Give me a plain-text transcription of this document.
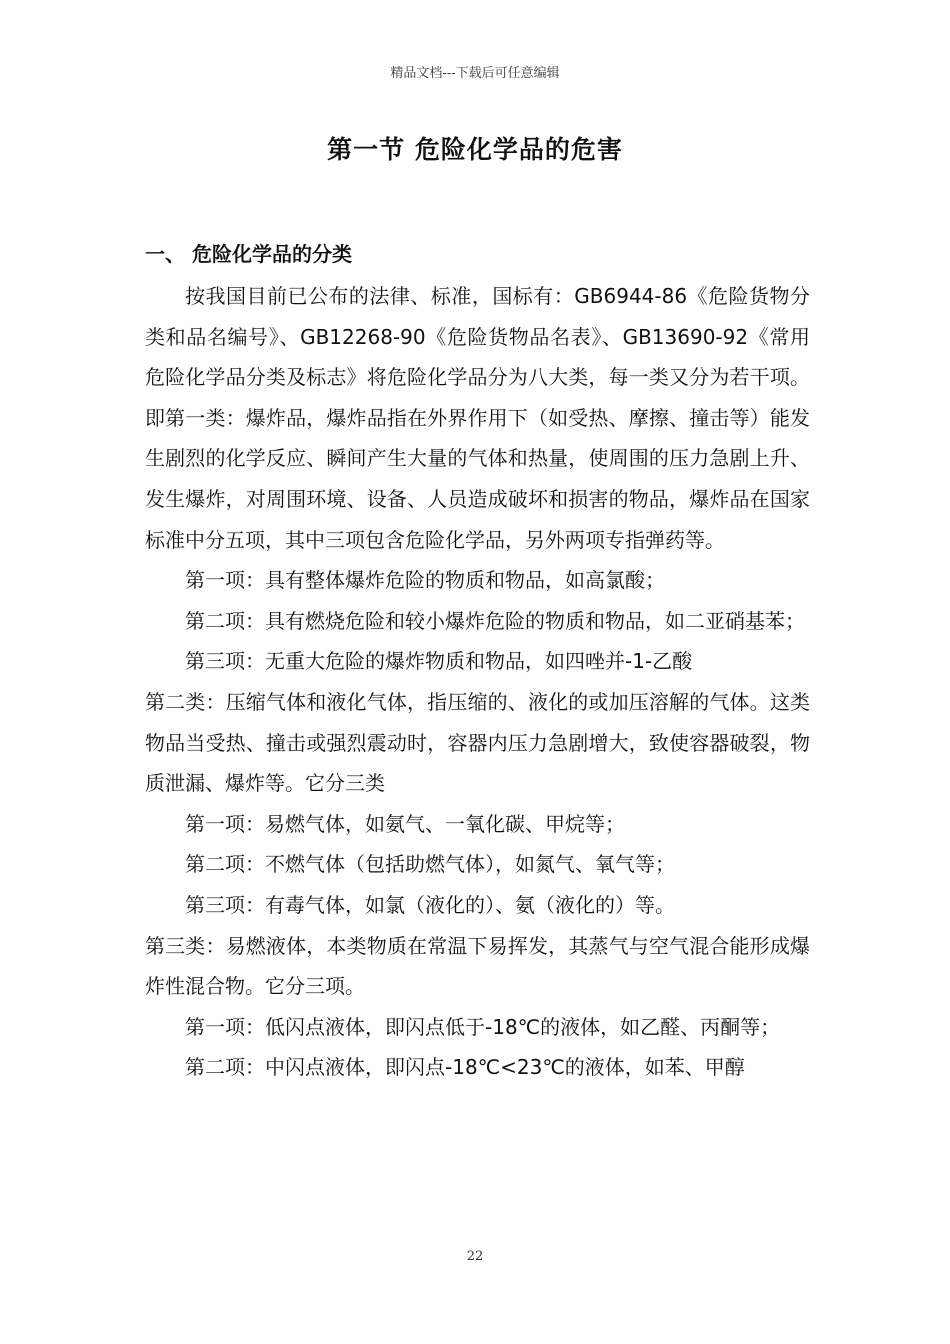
精品文档---下载后可任意编辑
第一节 危险化学品的危害
一、 危险化学品的分类

按我国目前已公布的法律、标准，国标有：GB6944-86《危险货物分类和品名编号》、GB12268-90《危险货物品名表》、GB13690-92《常用危险化学品分类及标志》将危险化学品分为八大类，每一类又分为若干项。即第一类：爆炸品，爆炸品指在外界作用下（如受热、摩擦、撞击等）能发生剧烈的化学反应、瞬间产生大量的气体和热量，使周围的压力急剧上升、发生爆炸，对周围环境、设备、人员造成破坏和损害的物品，爆炸品在国家标准中分五项，其中三项包含危险化学品，另外两项专指弹药等。

第一项：具有整体爆炸危险的物质和物品，如高氯酸；

第二项：具有燃烧危险和较小爆炸危险的物质和物品，如二亚硝基苯；

第三项：无重大危险的爆炸物质和物品，如四唑并-1-乙酸

第二类：压缩气体和液化气体，指压缩的、液化的或加压溶解的气体。这类物品当受热、撞击或强烈震动时，容器内压力急剧增大，致使容器破裂，物质泄漏、爆炸等。它分三类

第一项：易燃气体，如氨气、一氧化碳、甲烷等；

第二项：不燃气体（包括助燃气体），如氮气、氧气等；

第三项：有毒气体，如氯（液化的）、氨（液化的）等。

第三类：易燃液体，本类物质在常温下易挥发，其蒸气与空气混合能形成爆炸性混合物。它分三项。

第一项：低闪点液体，即闪点低于-18℃的液体，如乙醛、丙酮等；

第二项：中闪点液体，即闪点-18℃<23℃的液体，如苯、甲醇

22
